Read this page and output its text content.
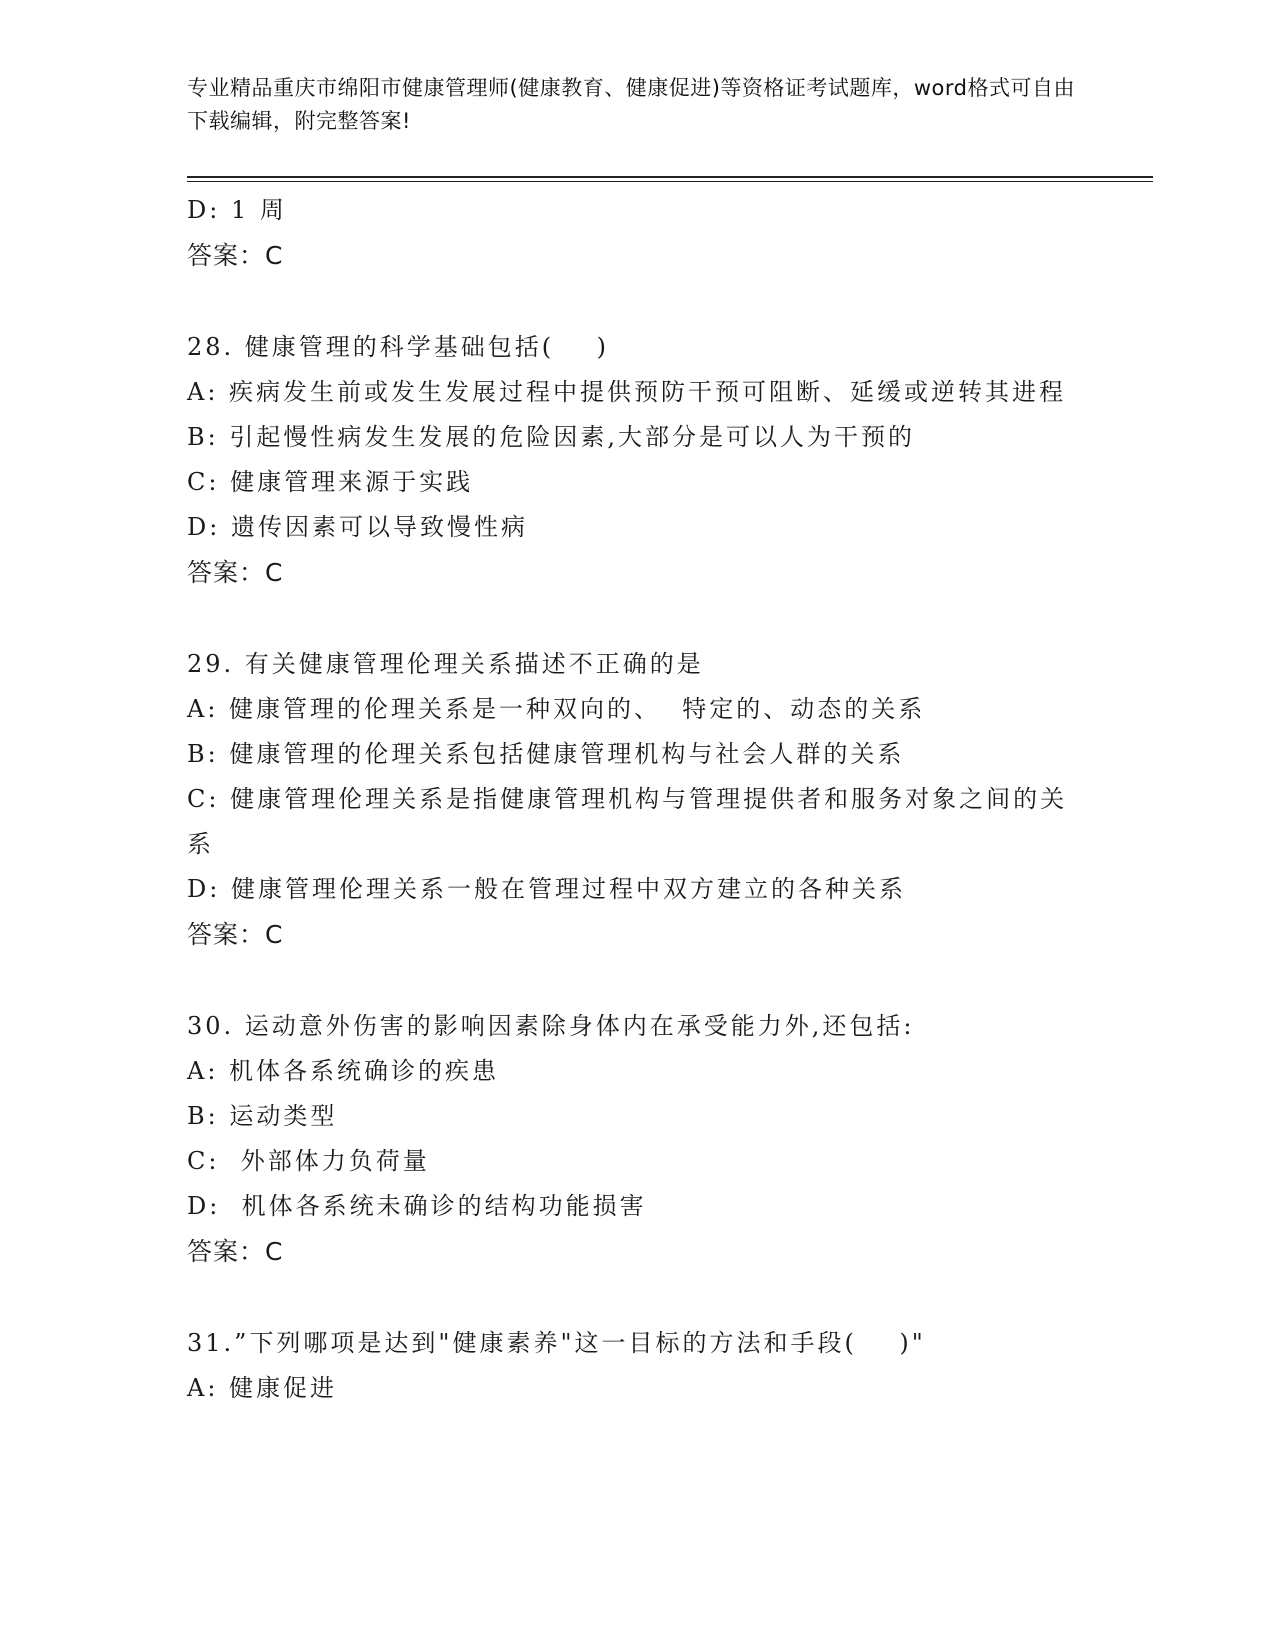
专业精品重庆市绵阳市健康管理师(健康教育、健康促进)等资格证考试题库，word格式可自由下载编辑，附完整答案!
D: 1 周
答案：C
28. 健康管理的科学基础包括(    )
A: 疾病发生前或发生发展过程中提供预防干预可阻断、延缓或逆转其进程
B: 引起慢性病发生发展的危险因素,大部分是可以人为干预的
C: 健康管理来源于实践
D: 遗传因素可以导致慢性病
答案：C
29. 有关健康管理伦理关系描述不正确的是
A: 健康管理的伦理关系是一种双向的、  特定的、动态的关系
B: 健康管理的伦理关系包括健康管理机构与社会人群的关系
C: 健康管理伦理关系是指健康管理机构与管理提供者和服务对象之间的关系
D: 健康管理伦理关系一般在管理过程中双方建立的各种关系
答案：C
30. 运动意外伤害的影响因素除身体内在承受能力外,还包括:
A: 机体各系统确诊的疾患
B: 运动类型
C:  外部体力负荷量
D:  机体各系统未确诊的结构功能损害
答案：C
31.”下列哪项是达到"健康素养"这一目标的方法和手段(    )"
A: 健康促进
